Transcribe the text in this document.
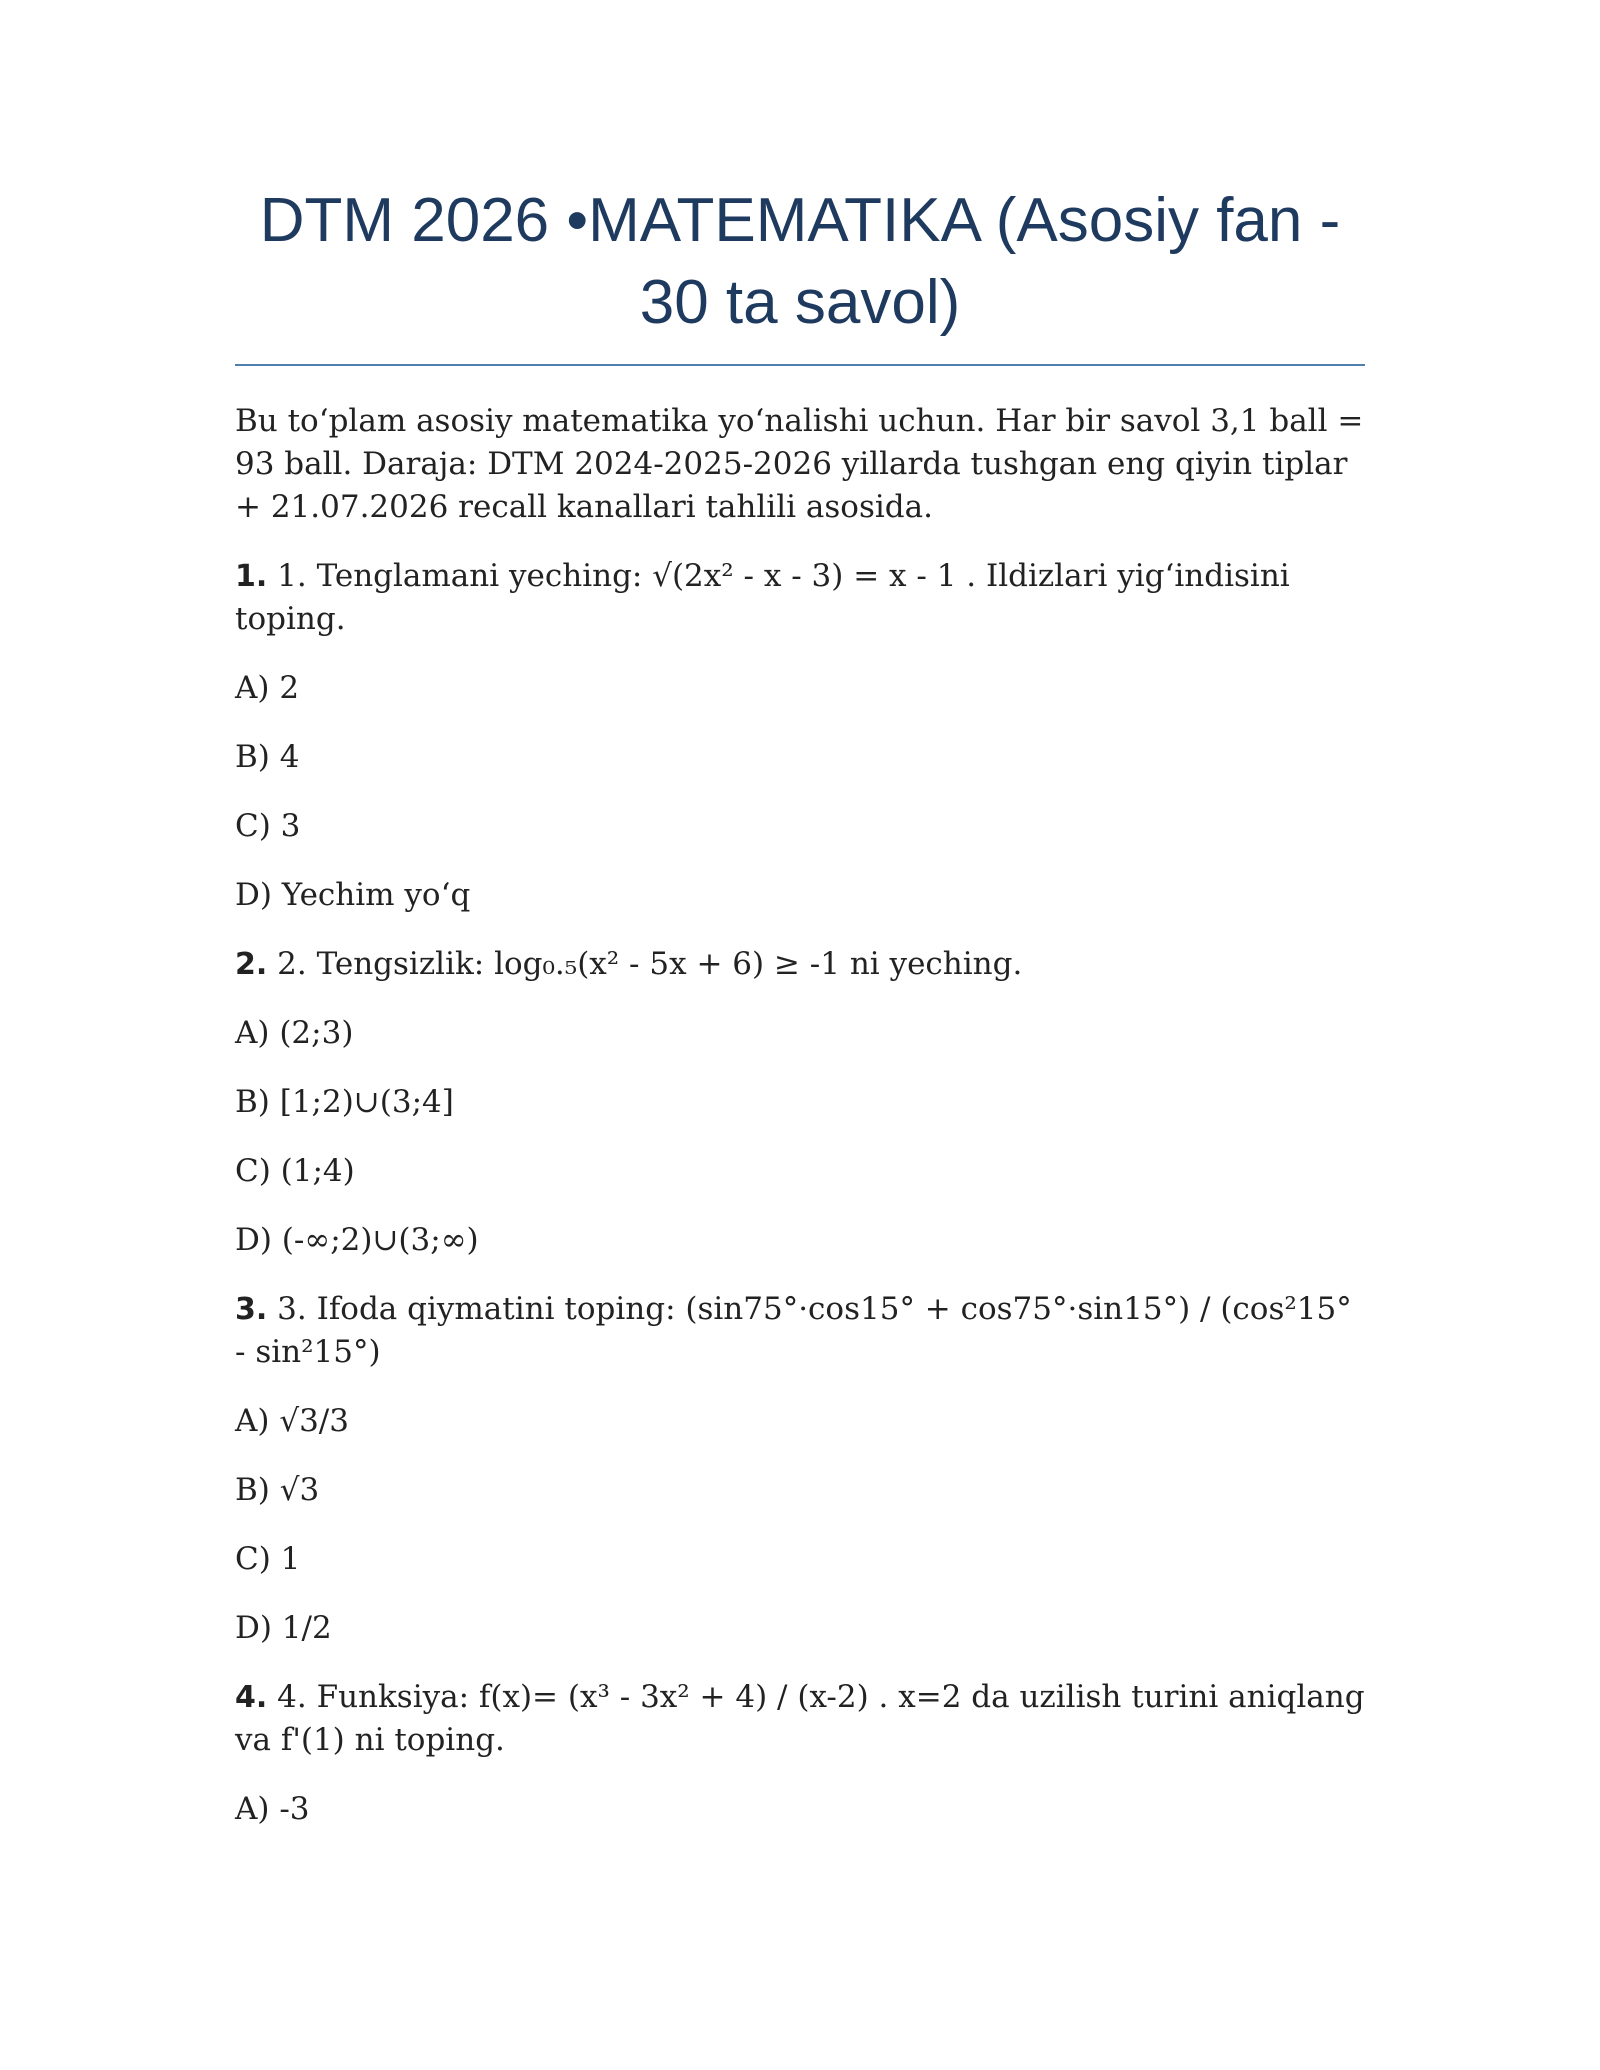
DTM 2026 •MATEMATIKA (Asosiy fan - 30 ta savol)

Bu to‘plam asosiy matematika yo‘nalishi uchun. Har bir savol 3,1 ball = 93 ball. Daraja: DTM 2024-2025-2026 yillarda tushgan eng qiyin tiplar + 21.07.2026 recall kanallari tahlili asosida.

1. 1. Tenglamani yeching: √(2x² - x - 3) = x - 1 . Ildizlari yig‘indisini toping.

A) 2

B) 4

C) 3

D) Yechim yo‘q

2. 2. Tengsizlik: log₀.₅(x² - 5x + 6) ≥ -1 ni yeching.

A) (2;3)

B) [1;2)∪(3;4]

C) (1;4)

D) (-∞;2)∪(3;∞)

3. 3. Ifoda qiymatini toping: (sin75°·cos15° + cos75°·sin15°) / (cos²15° - sin²15°)

A) √3/3

B) √3

C) 1

D) 1/2

4. 4. Funksiya: f(x)= (x³ - 3x² + 4) / (x-2) . x=2 da uzilish turini aniqlang va f'(1) ni toping.

A) -3
